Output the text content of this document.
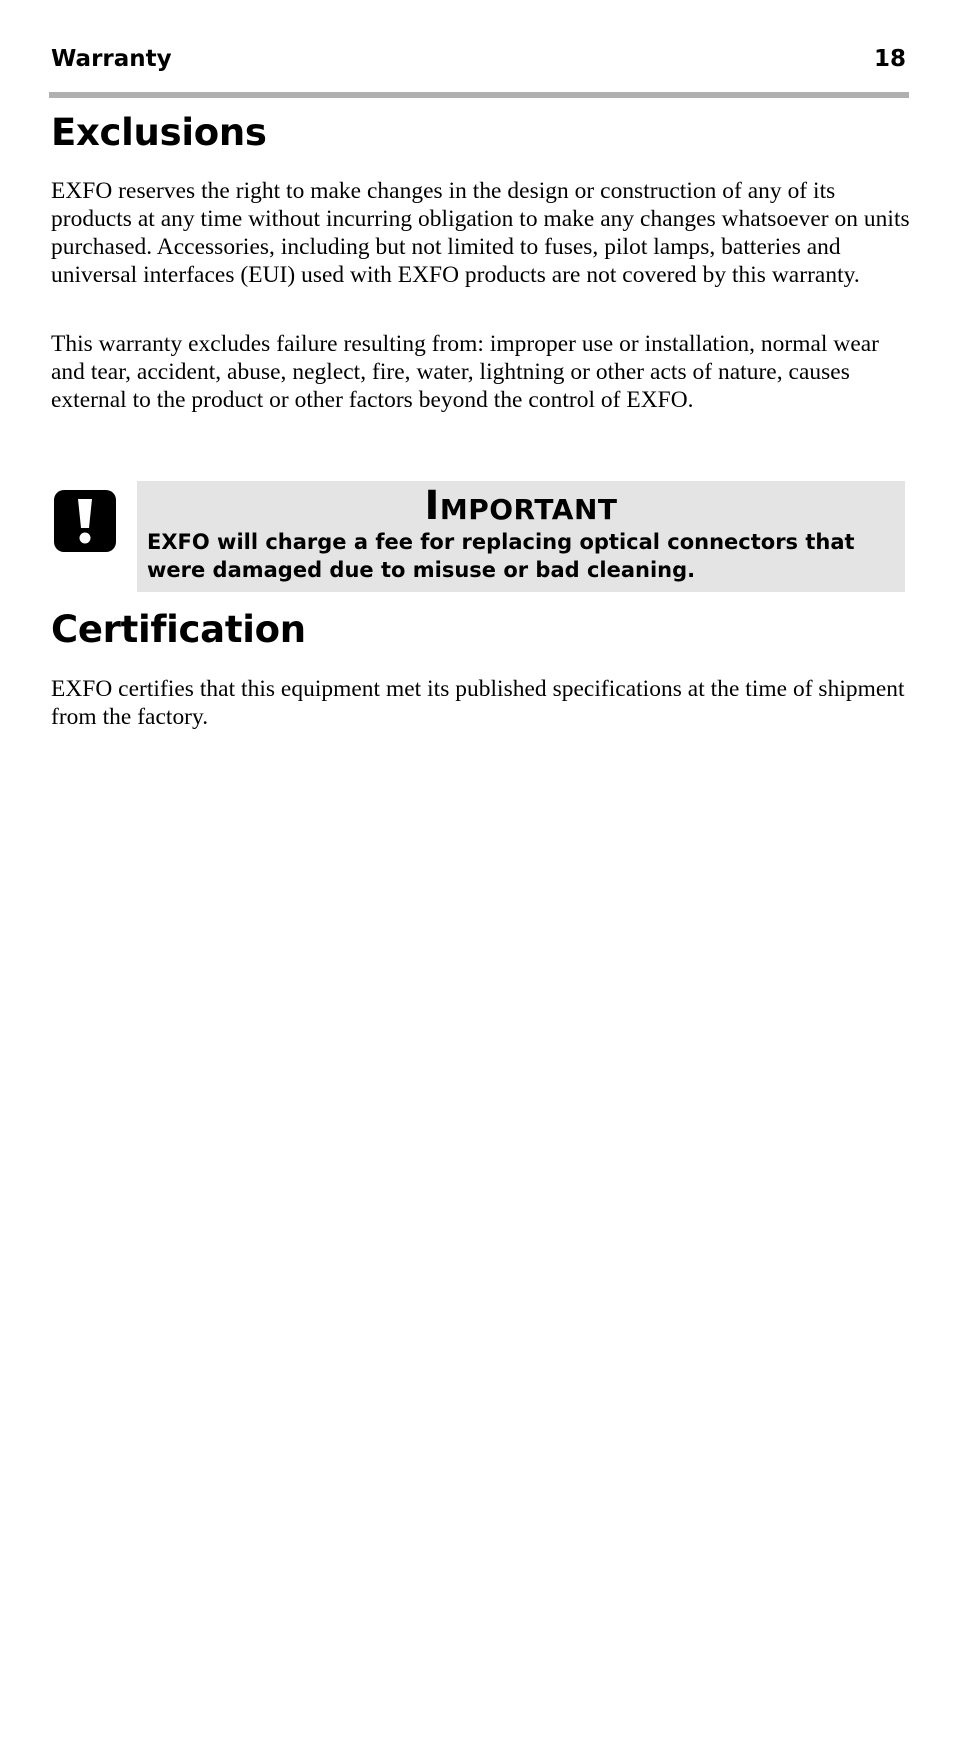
Warranty	18
Exclusions

EXFO reserves the right to make changes in the design or construction of any of its products at any time without incurring obligation to make any changes whatsoever on units purchased. Accessories, including but not limited to fuses, pilot lamps, batteries and universal interfaces (EUI) used with EXFO products are not covered by this warranty.

This warranty excludes failure resulting from: improper use or installation, normal wear and tear, accident, abuse, neglect, fire, water, lightning or other acts of nature, causes external to the product or other factors beyond the control of EXFO.

Important
EXFO will charge a fee for replacing optical connectors that were damaged due to misuse or bad cleaning.
Certification

EXFO certifies that this equipment met its published specifications at the time of shipment from the factory.
